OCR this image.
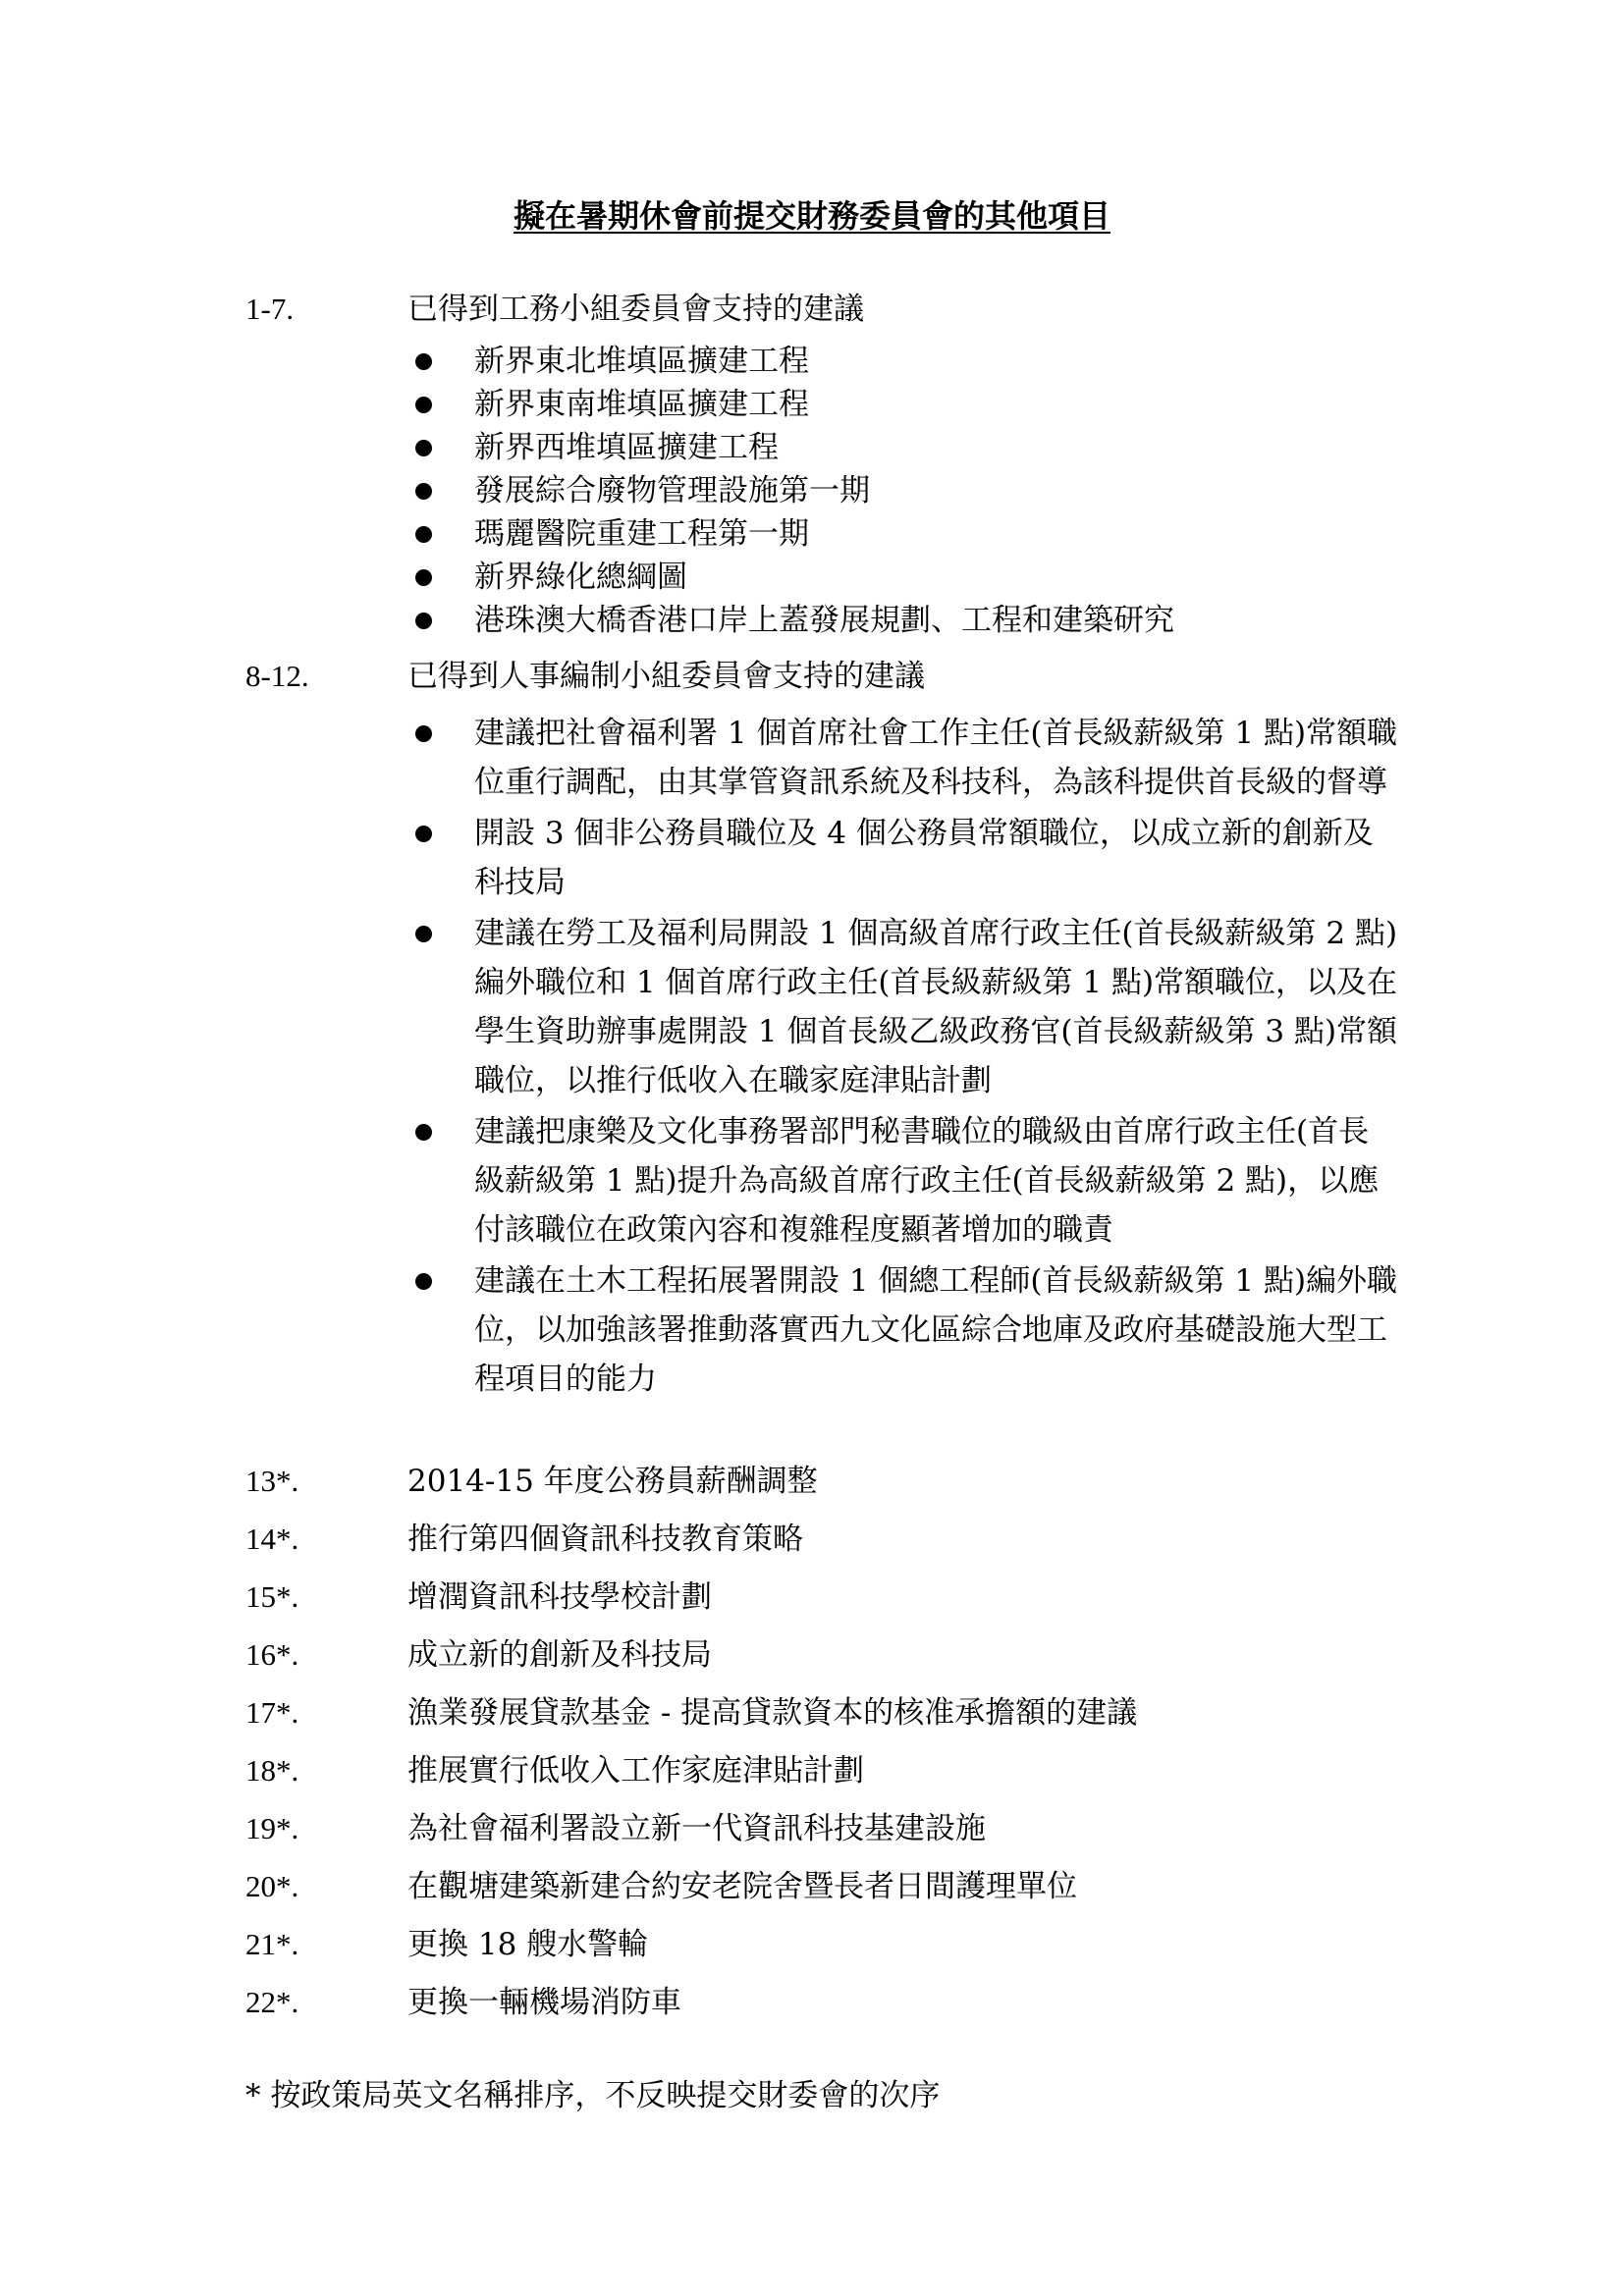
擬在暑期休會前提交財務委員會的其他項目
1-7.	已得到工務小組委員會支持的建議
新界東北堆填區擴建工程
新界東南堆填區擴建工程
新界西堆填區擴建工程
發展綜合廢物管理設施第一期
瑪麗醫院重建工程第一期
新界綠化總綱圖
港珠澳大橋香港口岸上蓋發展規劃、工程和建築研究
8-12.	已得到人事編制小組委員會支持的建議
建議把社會福利署 1 個首席社會工作主任(首長級薪級第 1 點)常額職位重行調配，由其掌管資訊系統及科技科，為該科提供首長級的督導
開設 3 個非公務員職位及 4 個公務員常額職位，以成立新的創新及科技局
建議在勞工及福利局開設 1 個高級首席行政主任(首長級薪級第 2 點)編外職位和 1 個首席行政主任(首長級薪級第 1 點)常額職位，以及在學生資助辦事處開設 1 個首長級乙級政務官(首長級薪級第 3 點)常額職位，以推行低收入在職家庭津貼計劃
建議把康樂及文化事務署部門秘書職位的職級由首席行政主任(首長級薪級第 1 點)提升為高級首席行政主任(首長級薪級第 2 點)，以應付該職位在政策內容和複雜程度顯著增加的職責
建議在土木工程拓展署開設 1 個總工程師(首長級薪級第 1 點)編外職位，以加強該署推動落實西九文化區綜合地庫及政府基礎設施大型工程項目的能力
13*.	2014-15 年度公務員薪酬調整
14*.	推行第四個資訊科技教育策略
15*.	增潤資訊科技學校計劃
16*.	成立新的創新及科技局
17*.	漁業發展貸款基金 - 提高貸款資本的核准承擔額的建議
18*.	推展實行低收入工作家庭津貼計劃
19*.	為社會福利署設立新一代資訊科技基建設施
20*.	在觀塘建築新建合約安老院舍暨長者日間護理單位
21*.	更換 18 艘水警輪
22*.	更換一輛機場消防車
* 按政策局英文名稱排序，不反映提交財委會的次序
